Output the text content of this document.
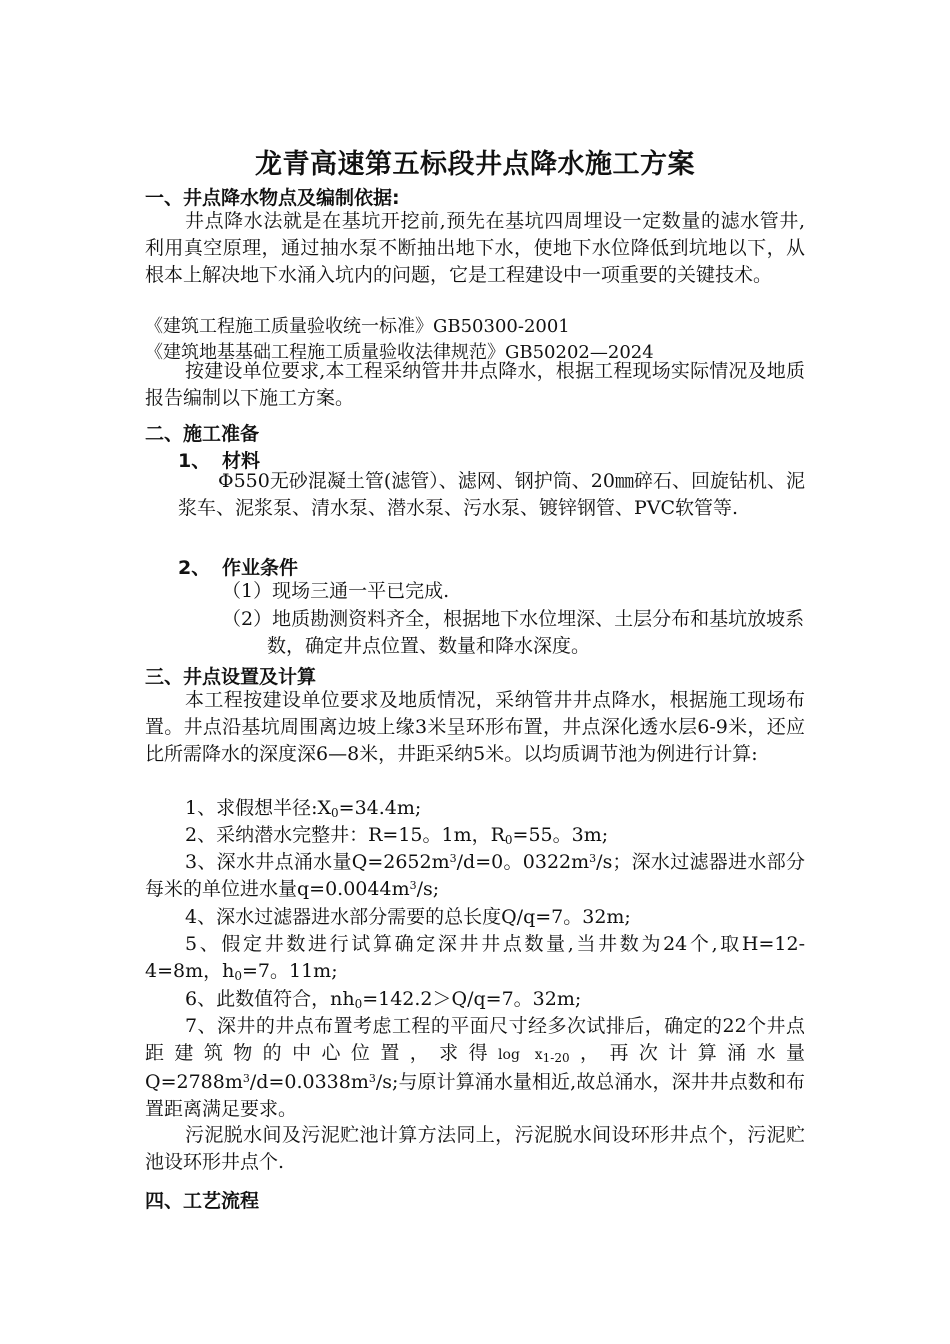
龙青高速第五标段井点降水施工方案
一、井点降水物点及编制依据:
井点降水法就是在基坑开挖前,预先在基坑四周埋设一定数量的滤水管井,利用真空原理，通过抽水泵不断抽出地下水，使地下水位降低到坑地以下，从根本上解决地下水涌入坑内的问题，它是工程建设中一项重要的关键技术。
《建筑工程施工质量验收统一标准》GB50300-2001
《建筑地基基础工程施工质量验收法律规范》GB50202—2024
按建设单位要求,本工程采纳管井井点降水，根据工程现场实际情况及地质报告编制以下施工方案。
二、施工准备
1、 材料
Φ550无砂混凝土管(滤管）、滤网、钢护筒、20㎜碎石、回旋钻机、泥浆车、泥浆泵、清水泵、潜水泵、污水泵、镀锌钢管、PVC软管等.
2、 作业条件
（1）现场三通一平已完成.
（2）地质勘测资料齐全，根据地下水位埋深、土层分布和基坑放坡系数，确定井点位置、数量和降水深度。
三、井点设置及计算
本工程按建设单位要求及地质情况，采纳管井井点降水，根据施工现场布置。井点沿基坑周围离边坡上缘3米呈环形布置，井点深化透水层6-9米，还应比所需降水的深度深6—8米，井距采纳5米。以均质调节池为例进行计算:
1、求假想半径$:X_0=34.4m$;
2、采纳潜水完整井：R=15。1m，$R_0=55$。3m;
3、深水井点涌水量$Q=2652m^3/d=0$。$0322m^3/s$；深水过滤器进水部分每米的单位进水量$q=0.0044m^3/s$;
4、深水过滤器进水部分需要的总长度Q/q=7。32m;
5、假定井数进行试算确定深井井点数量,当井数为24个,取H=12-4=8m，$h_0=7$。11m;
6、此数值符合，$nh_0=142.2>Q/q=7$。32m;
7、深井的井点布置考虑工程的平面尺寸经多次试排后，确定的22个井点距建筑物的中心位置，求得$\log x_{1-20}$，再次计算涌水量$Q=2788m^3/d=0.0338m^3/s$;与原计算涌水量相近,故总涌水，深井井点数和布置距离满足要求。
污泥脱水间及污泥贮池计算方法同上，污泥脱水间设环形井点个，污泥贮池设环形井点个.
四、工艺流程
